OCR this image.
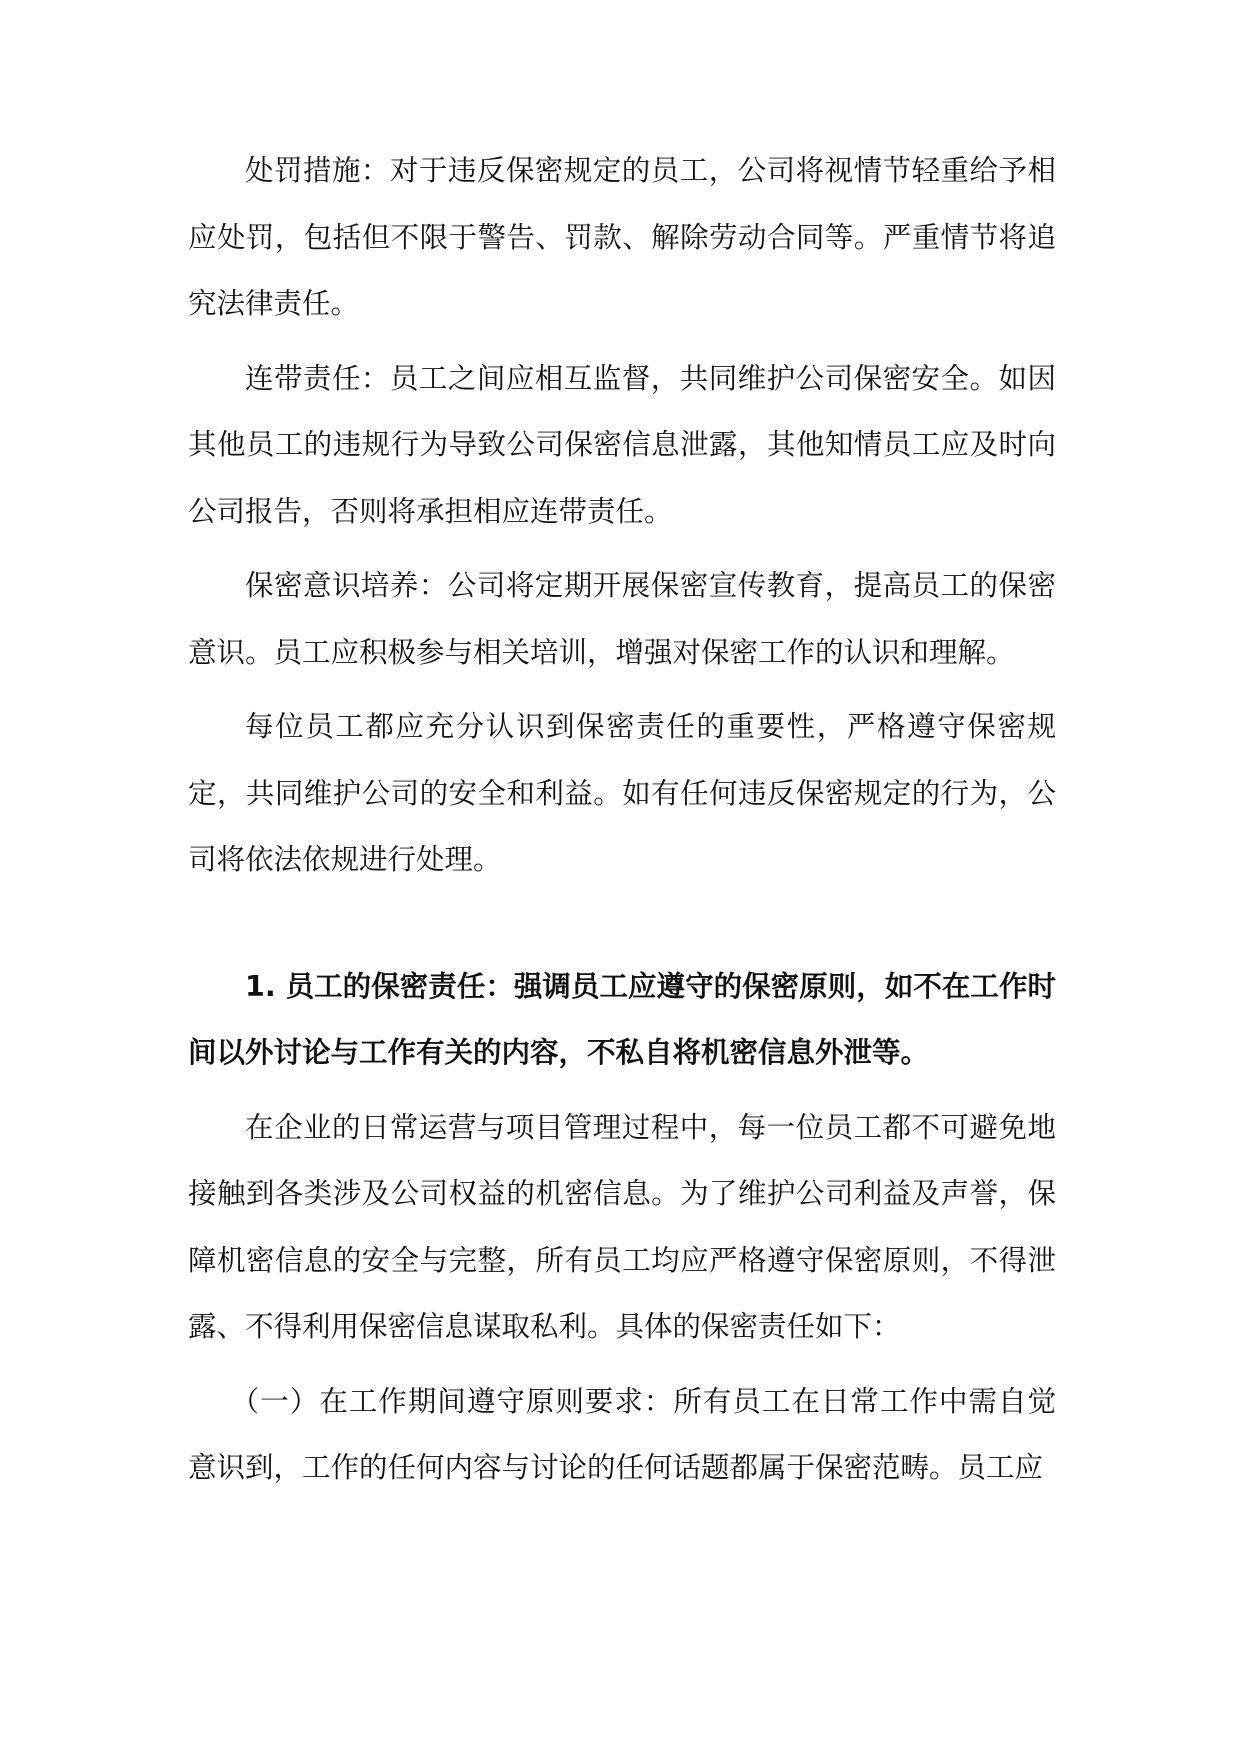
处罚措施：对于违反保密规定的员工，公司将视情节轻重给予相应处罚，包括但不限于警告、罚款、解除劳动合同等。严重情节将追究法律责任。

连带责任：员工之间应相互监督，共同维护公司保密安全。如因其他员工的违规行为导致公司保密信息泄露，其他知情员工应及时向公司报告，否则将承担相应连带责任。

保密意识培养：公司将定期开展保密宣传教育，提高员工的保密意识。员工应积极参与相关培训，增强对保密工作的认识和理解。

每位员工都应充分认识到保密责任的重要性，严格遵守保密规定，共同维护公司的安全和利益。如有任何违反保密规定的行为，公司将依法依规进行处理。

1. 员工的保密责任：强调员工应遵守的保密原则，如不在工作时间以外讨论与工作有关的内容，不私自将机密信息外泄等。

在企业的日常运营与项目管理过程中，每一位员工都不可避免地接触到各类涉及公司权益的机密信息。为了维护公司利益及声誉，保障机密信息的安全与完整，所有员工均应严格遵守保密原则，不得泄露、不得利用保密信息谋取私利。具体的保密责任如下：

（一）在工作期间遵守原则要求：所有员工在日常工作中需自觉意识到，工作的任何内容与讨论的任何话题都属于保密范畴。员工应
